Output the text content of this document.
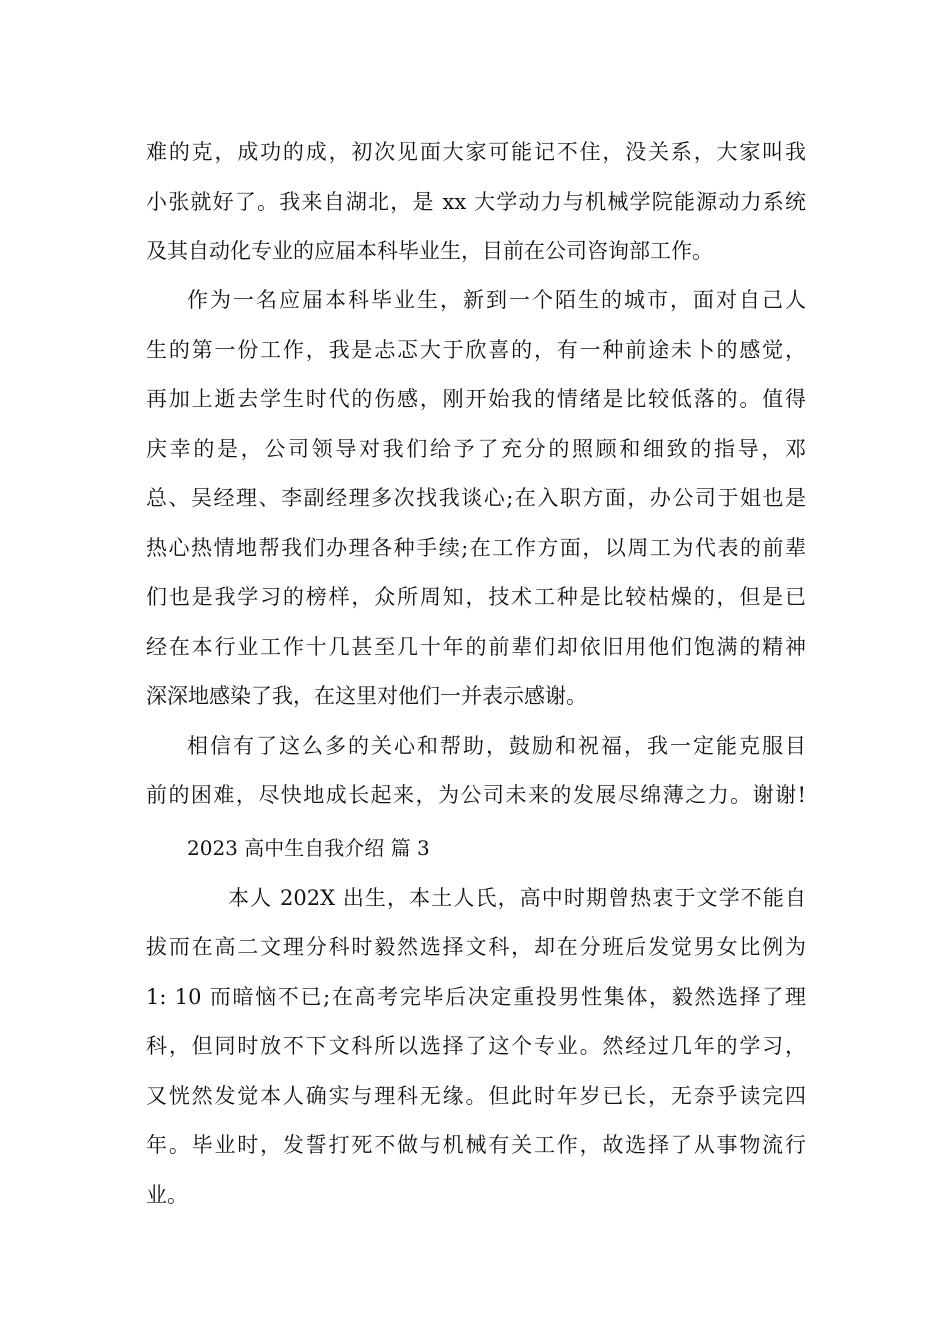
难的克，成功的成，初次见面大家可能记不住，没关系，大家叫我
小张就好了。我来自湖北，是 xx 大学动力与机械学院能源动力系统
及其自动化专业的应届本科毕业生，目前在公司咨询部工作。
作为一名应届本科毕业生，新到一个陌生的城市，面对自己人
生的第一份工作，我是忐忑大于欣喜的，有一种前途未卜的感觉，
再加上逝去学生时代的伤感，刚开始我的情绪是比较低落的。值得
庆幸的是，公司领导对我们给予了充分的照顾和细致的指导，邓
总、吴经理、李副经理多次找我谈心;在入职方面，办公司于姐也是
热心热情地帮我们办理各种手续;在工作方面，以周工为代表的前辈
们也是我学习的榜样，众所周知，技术工种是比较枯燥的，但是已
经在本行业工作十几甚至几十年的前辈们却依旧用他们饱满的精神
深深地感染了我，在这里对他们一并表示感谢。
相信有了这么多的关心和帮助，鼓励和祝福，我一定能克服目
前的困难，尽快地成长起来，为公司未来的发展尽绵薄之力。谢谢!
2023 高中生自我介绍 篇 3
本人 202X 出生，本土人氏，高中时期曾热衷于文学不能自
拔而在高二文理分科时毅然选择文科，却在分班后发觉男女比例为
1: 10 而暗恼不已;在高考完毕后决定重投男性集体，毅然选择了理
科，但同时放不下文科所以选择了这个专业。然经过几年的学习，
又恍然发觉本人确实与理科无缘。但此时年岁已长，无奈乎读完四
年。毕业时，发誓打死不做与机械有关工作，故选择了从事物流行
业。
